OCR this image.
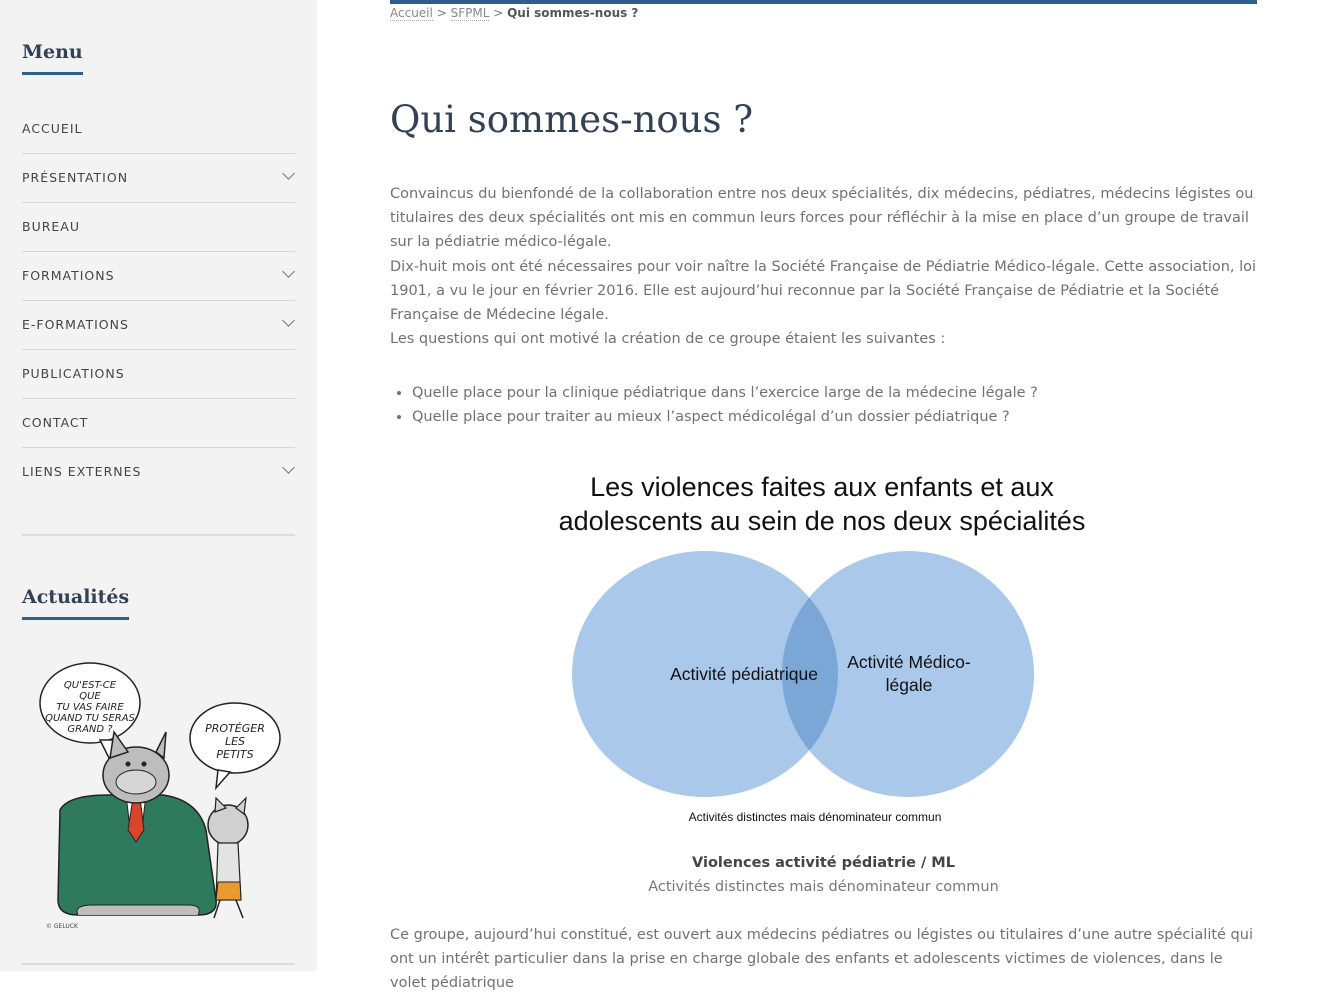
Menu
ACCUEIL
PRÉSENTATION
BUREAU
FORMATIONS
E-FORMATIONS
PUBLICATIONS
CONTACT
LIENS EXTERNES
Actualités
QU'EST-CE
QUE
TU VAS FAIRE
QUAND TU SERAS
GRAND ?	PROTÉGER
LES
PETITS
© GELUCK
Accueil > SFPML > Qui sommes-nous ?
Qui sommes-nous ?

Convaincus du bienfondé de la collaboration entre nos deux spécialités, dix médecins, pédiatres, médecins légistes ou titulaires des deux spécialités ont mis en commun leurs forces pour réfléchir à la mise en place d’un groupe de travail sur la pédiatrie médico-légale.

Dix-huit mois ont été nécessaires pour voir naître la Société Française de Pédiatrie Médico-légale. Cette association, loi 1901, a vu le jour en février 2016. Elle est aujourd’hui reconnue par la Société Française de Pédiatrie et la Société Française de Médecine légale.

Les questions qui ont motivé la création de ce groupe étaient les suivantes :

• Quelle place pour la clinique pédiatrique dans l’exercice large de la médecine légale ?
• Quelle place pour traiter au mieux l’aspect médicolégal d’un dossier pédiatrique ?
Les violences faites aux enfants et aux
adolescents au sein de nos deux spécialités
Activité pédiatrique
Activité Médico-
légale
Activités distinctes mais dénominateur commun
Violences activité pédiatrie / ML
Activités distinctes mais dénominateur commun

Ce groupe, aujourd’hui constitué, est ouvert aux médecins pédiatres ou légistes ou titulaires d’une autre spécialité qui ont un intérêt particulier dans la prise en charge globale des enfants et adolescents victimes de violences, dans le volet pédiatrique
